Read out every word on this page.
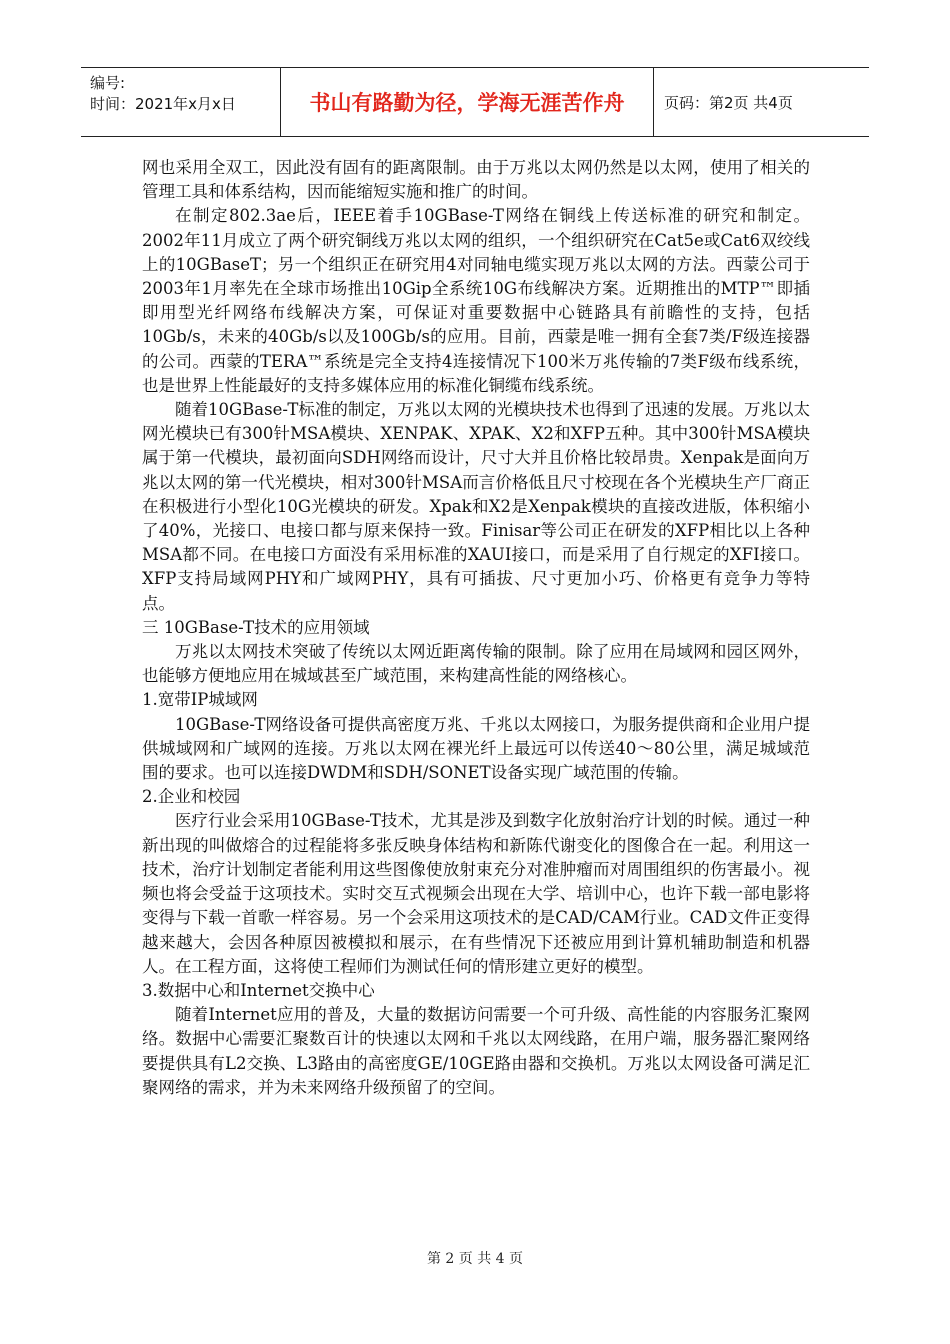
编号:
时间：2021年x月x日	书山有路勤为径，学海无涯苦作舟	页码：第2页 共4页

网也采用全双工，因此没有固有的距离限制。由于万兆以太网仍然是以太网，使用了相关的管理工具和体系结构，因而能缩短实施和推广的时间。

在制定802.3ae后，IEEE着手10GBase-T网络在铜线上传送标准的研究和制定。2002年11月成立了两个研究铜线万兆以太网的组织，一个组织研究在Cat5e或Cat6双绞线上的10GBaseT；另一个组织正在研究用4对同轴电缆实现万兆以太网的方法。西蒙公司于2003年1月率先在全球市场推出10Gip全系统10G布线解决方案。近期推出的MTP™即插即用型光纤网络布线解决方案，可保证对重要数据中心链路具有前瞻性的支持，包括10Gb/s，未来的40Gb/s以及100Gb/s的应用。目前，西蒙是唯一拥有全套7类/F级连接器的公司。西蒙的TERA™系统是完全支持4连接情况下100米万兆传输的7类F级布线系统，也是世界上性能最好的支持多媒体应用的标准化铜缆布线系统。

随着10GBase-T标准的制定，万兆以太网的光模块技术也得到了迅速的发展。万兆以太网光模块已有300针MSA模块、XENPAK、XPAK、X2和XFP五种。其中300针MSA模块属于第一代模块，最初面向SDH网络而设计，尺寸大并且价格比较昂贵。Xenpak是面向万兆以太网的第一代光模块，相对300针MSA而言价格低且尺寸校现在各个光模块生产厂商正在积极进行小型化10G光模块的研发。Xpak和X2是Xenpak模块的直接改进版，体积缩小了40%，光接口、电接口都与原来保持一致。Finisar等公司正在研发的XFP相比以上各种MSA都不同。在电接口方面没有采用标准的XAUI接口，而是采用了自行规定的XFI接口。XFP支持局域网PHY和广域网PHY，具有可插拔、尺寸更加小巧、价格更有竞争力等特点。

三 10GBase-T技术的应用领域

万兆以太网技术突破了传统以太网近距离传输的限制。除了应用在局域网和园区网外，也能够方便地应用在城域甚至广域范围，来构建高性能的网络核心。

1.宽带IP城域网

10GBase-T网络设备可提供高密度万兆、千兆以太网接口，为服务提供商和企业用户提供城域网和广域网的连接。万兆以太网在裸光纤上最远可以传送40～80公里，满足城域范围的要求。也可以连接DWDM和SDH/SONET设备实现广域范围的传输。

2.企业和校园

医疗行业会采用10GBase-T技术，尤其是涉及到数字化放射治疗计划的时候。通过一种新出现的叫做熔合的过程能将多张反映身体结构和新陈代谢变化的图像合在一起。利用这一技术，治疗计划制定者能利用这些图像使放射束充分对准肿瘤而对周围组织的伤害最小。视频也将会受益于这项技术。实时交互式视频会出现在大学、培训中心，也许下载一部电影将变得与下载一首歌一样容易。另一个会采用这项技术的是CAD/CAM行业。CAD文件正变得越来越大，会因各种原因被模拟和展示，在有些情况下还被应用到计算机辅助制造和机器人。在工程方面，这将使工程师们为测试任何的情形建立更好的模型。

3.数据中心和Internet交换中心

随着Internet应用的普及，大量的数据访问需要一个可升级、高性能的内容服务汇聚网络。数据中心需要汇聚数百计的快速以太网和千兆以太网线路，在用户端，服务器汇聚网络要提供具有L2交换、L3路由的高密度GE/10GE路由器和交换机。万兆以太网设备可满足汇聚网络的需求，并为未来网络升级预留了的空间。

第 2 页 共 4 页
